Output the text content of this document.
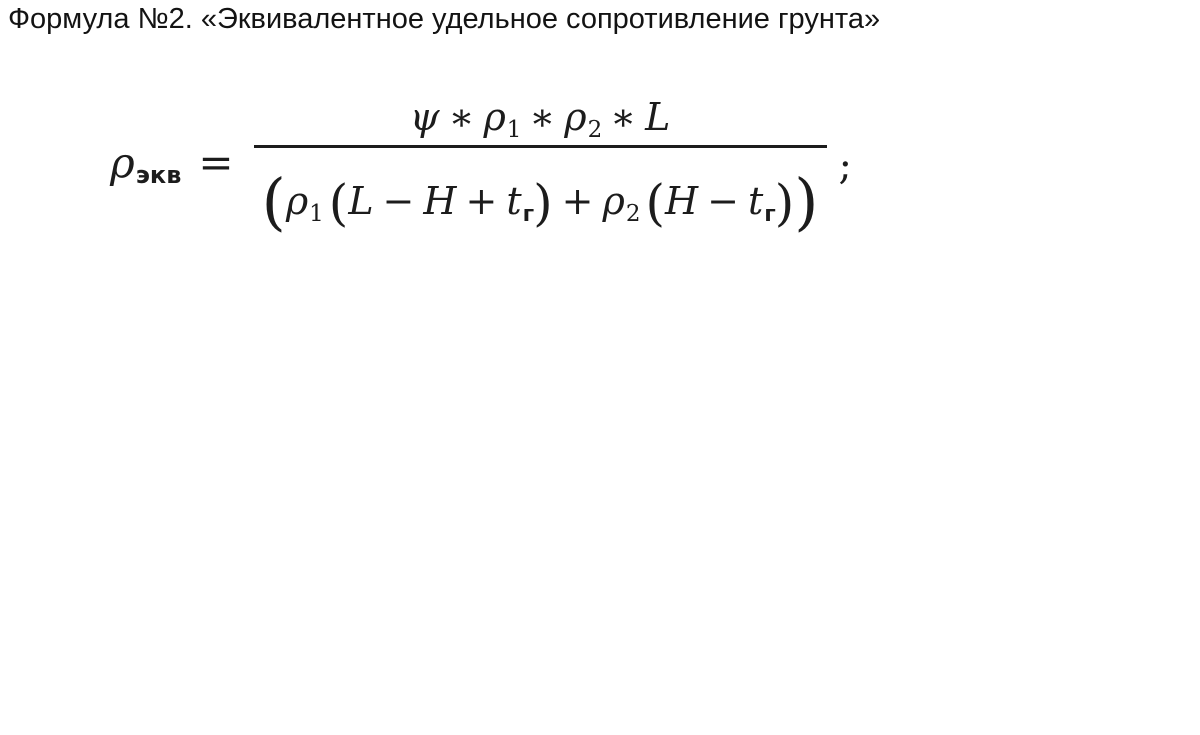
Формула №2. «Эквивалентное удельное сопротивление грунта»
ρ экв =
ψ ∗ ρ 1 ∗ ρ 2 ∗ L
( ρ 1 ( L − H + t г ) + ρ 2 ( H − t г ) ) ;
